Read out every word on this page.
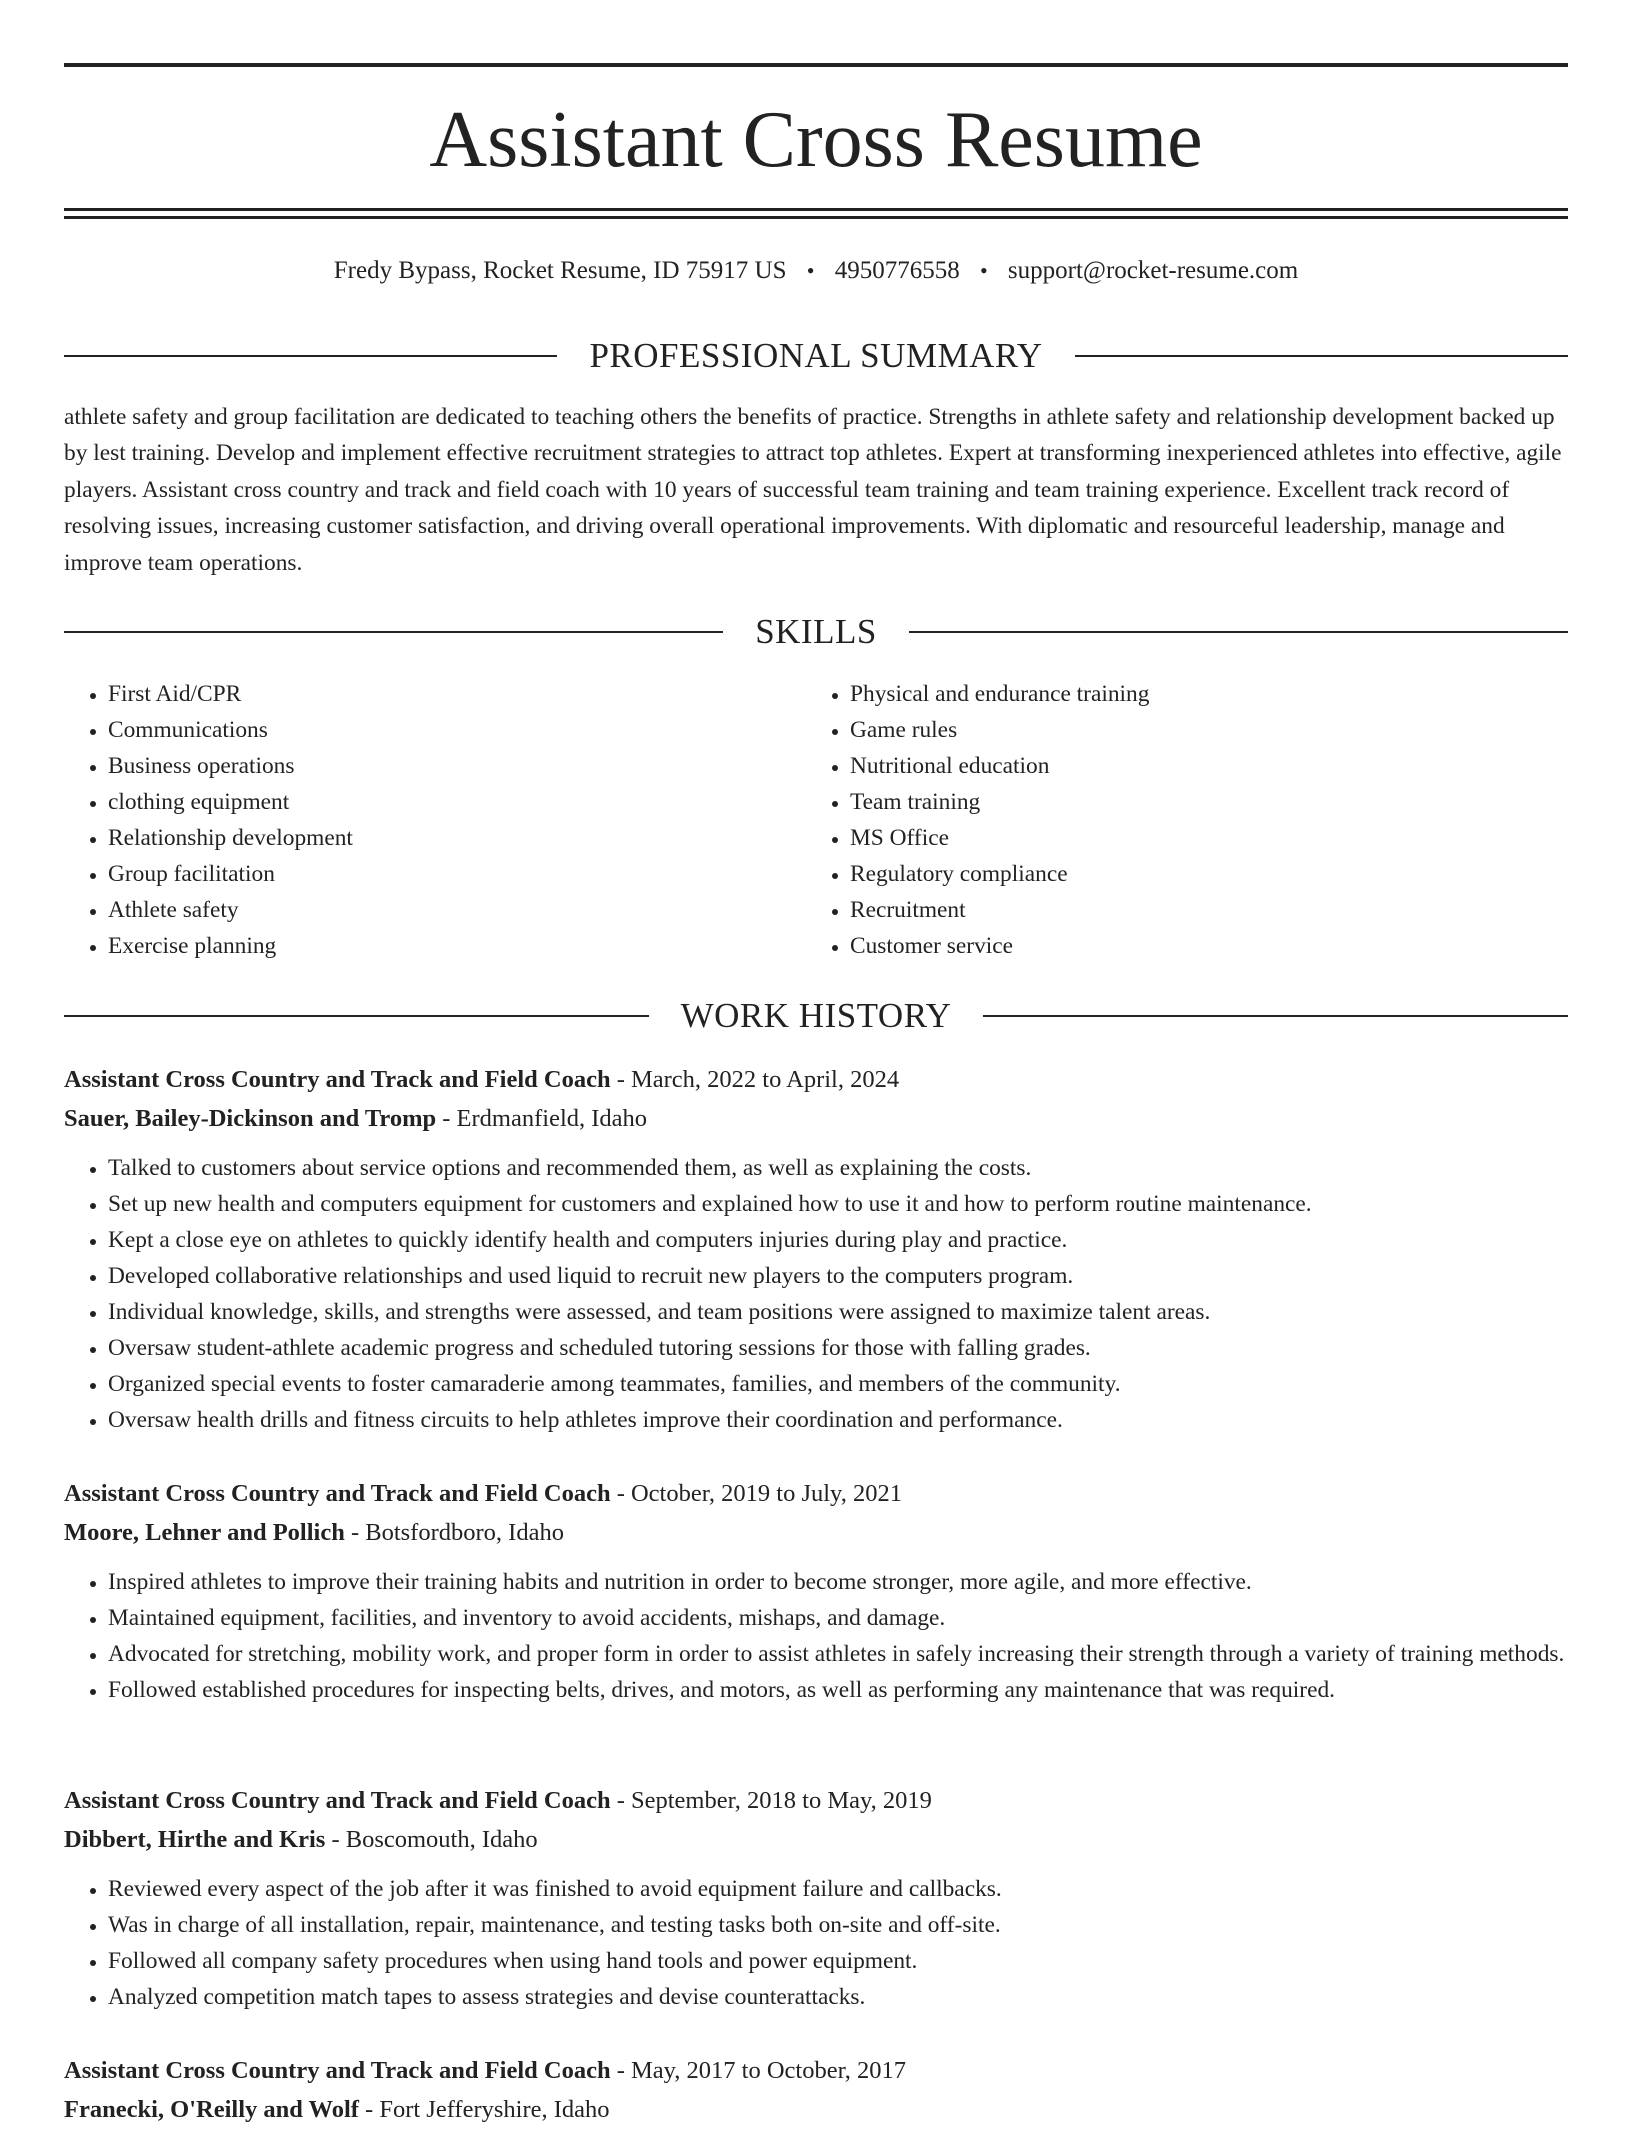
Assistant Cross Resume
Fredy Bypass, Rocket Resume, ID 75917 US • 4950776558 • support@rocket-resume.com
PROFESSIONAL SUMMARY

athlete safety and group facilitation are dedicated to teaching others the benefits of practice. Strengths in athlete safety and relationship development backed up by lest training. Develop and implement effective recruitment strategies to attract top athletes. Expert at transforming inexperienced athletes into effective, agile players. Assistant cross country and track and field coach with 10 years of successful team training and team training experience. Excellent track record of resolving issues, increasing customer satisfaction, and driving overall operational improvements. With diplomatic and resourceful leadership, manage and improve team operations.

SKILLS
• First Aid/CPR
• Communications
• Business operations
• clothing equipment
• Relationship development
• Group facilitation
• Athlete safety
• Exercise planning
• Physical and endurance training
• Game rules
• Nutritional education
• Team training
• MS Office
• Regulatory compliance
• Recruitment
• Customer service
WORK HISTORY
Assistant Cross Country and Track and Field Coach - March, 2022 to April, 2024
Sauer, Bailey-Dickinson and Tromp - Erdmanfield, Idaho
• Talked to customers about service options and recommended them, as well as explaining the costs.
• Set up new health and computers equipment for customers and explained how to use it and how to perform routine maintenance.
• Kept a close eye on athletes to quickly identify health and computers injuries during play and practice.
• Developed collaborative relationships and used liquid to recruit new players to the computers program.
• Individual knowledge, skills, and strengths were assessed, and team positions were assigned to maximize talent areas.
• Oversaw student-athlete academic progress and scheduled tutoring sessions for those with falling grades.
• Organized special events to foster camaraderie among teammates, families, and members of the community.
• Oversaw health drills and fitness circuits to help athletes improve their coordination and performance.
Assistant Cross Country and Track and Field Coach - October, 2019 to July, 2021
Moore, Lehner and Pollich - Botsfordboro, Idaho
• Inspired athletes to improve their training habits and nutrition in order to become stronger, more agile, and more effective.
• Maintained equipment, facilities, and inventory to avoid accidents, mishaps, and damage.
• Advocated for stretching, mobility work, and proper form in order to assist athletes in safely increasing their strength through a variety of training methods.
• Followed established procedures for inspecting belts, drives, and motors, as well as performing any maintenance that was required.
Assistant Cross Country and Track and Field Coach - September, 2018 to May, 2019
Dibbert, Hirthe and Kris - Boscomouth, Idaho
• Reviewed every aspect of the job after it was finished to avoid equipment failure and callbacks.
• Was in charge of all installation, repair, maintenance, and testing tasks both on-site and off-site.
• Followed all company safety procedures when using hand tools and power equipment.
• Analyzed competition match tapes to assess strategies and devise counterattacks.
Assistant Cross Country and Track and Field Coach - May, 2017 to October, 2017
Franecki, O'Reilly and Wolf - Fort Jefferyshire, Idaho
